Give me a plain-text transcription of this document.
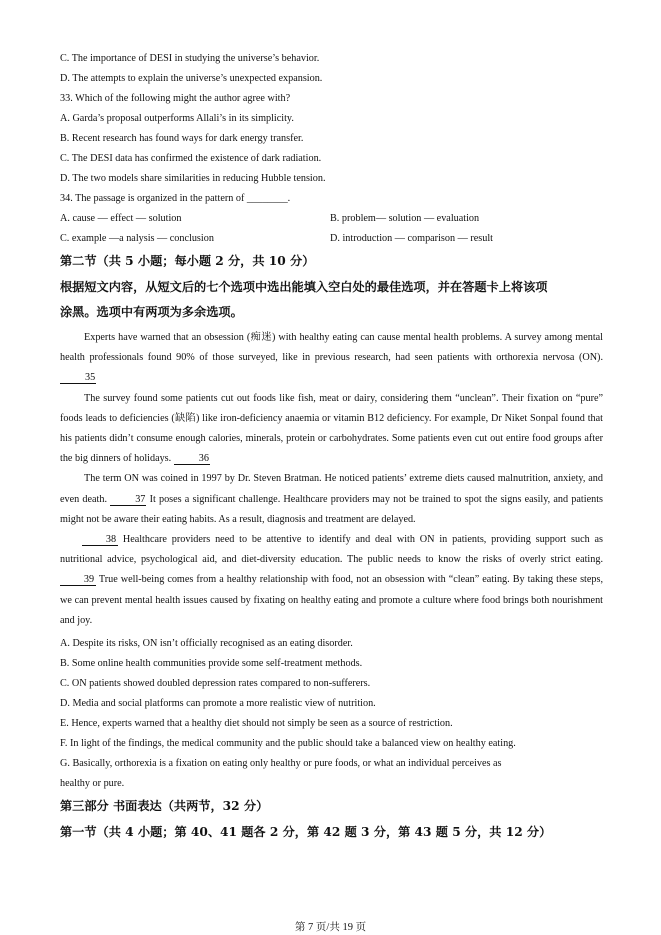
C. The importance of DESI in studying the universe’s behavior.
D. The attempts to explain the universe’s unexpected expansion.
33. Which of the following might the author agree with?
A. Garda’s proposal outperforms Allali’s in its simplicity.
B. Recent research has found ways for dark energy transfer.
C. The DESI data has confirmed the existence of dark radiation.
D. The two models share similarities in reducing Hubble tension.
34. The passage is organized in the pattern of ________.
A. cause — effect — solution	B. problem— solution — evaluation
C. example —a nalysis — conclusion	D. introduction — comparison — result
第二节（共 5 小题；每小题 2 分，共 10 分）
根据短文内容，从短文后的七个选项中选出能填入空白处的最佳选项，并在答题卡上将该项
涂黑。选项中有两项为多余选项。

Experts have warned that an obsession (痴迷) with healthy eating can cause mental health problems. A survey among mental health professionals found 90% of those surveyed, like in previous research, had seen patients with orthorexia nervosa (ON). 35

The survey found some patients cut out foods like fish, meat or dairy, considering them “unclean”. Their fixation on “pure” foods leads to deficiencies (缺陷) like iron-deficiency anaemia or vitamin B12 deficiency. For example, Dr Niket Sonpal found that his patients didn’t consume enough calories, minerals, protein or carbohydrates. Some patients even cut out entire food groups after the big dinners of holidays. 36

The term ON was coined in 1997 by Dr. Steven Bratman. He noticed patients’ extreme diets caused malnutrition, anxiety, and even death. 37 It poses a significant challenge. Healthcare providers may not be trained to spot the signs easily, and patients might not be aware their eating habits. As a result, diagnosis and treatment are delayed.

38 Healthcare providers need to be attentive to identify and deal with ON in patients, providing support such as nutritional advice, psychological aid, and diet-diversity education. The public needs to know the risks of overly strict eating. 39 True well-being comes from a healthy relationship with food, not an obsession with “clean” eating. By taking these steps, we can prevent mental health issues caused by fixating on healthy eating and promote a culture where food brings both nourishment and joy.

A. Despite its risks, ON isn’t officially recognised as an eating disorder.
B. Some online health communities provide some self-treatment methods.
C. ON patients showed doubled depression rates compared to non-sufferers.
D. Media and social platforms can promote a more realistic view of nutrition.
E. Hence, experts warned that a healthy diet should not simply be seen as a source of restriction.
F. In light of the findings, the medical community and the public should take a balanced view on healthy eating.
G. Basically, orthorexia is a fixation on eating only healthy or pure foods, or what an individual perceives as
healthy or pure.
第三部分 书面表达（共两节，32 分）
第一节（共 4 小题；第 40、41 题各 2 分，第 42 题 3 分，第 43 题 5 分，共 12 分）
第 7 页/共 19 页
